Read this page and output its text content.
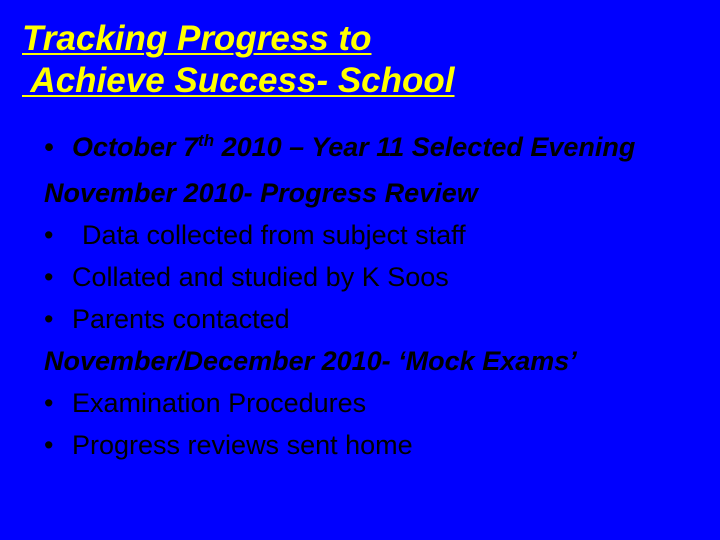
Tracking Progress to
Achieve Success- School
• October 7th 2010 – Year 11 Selected Evening
November 2010- Progress Review
•	Data collected from subject staff
• Collated and studied by K Soos
• Parents contacted
November/December 2010- ‘Mock Exams’
• Examination Procedures
• Progress reviews sent home
